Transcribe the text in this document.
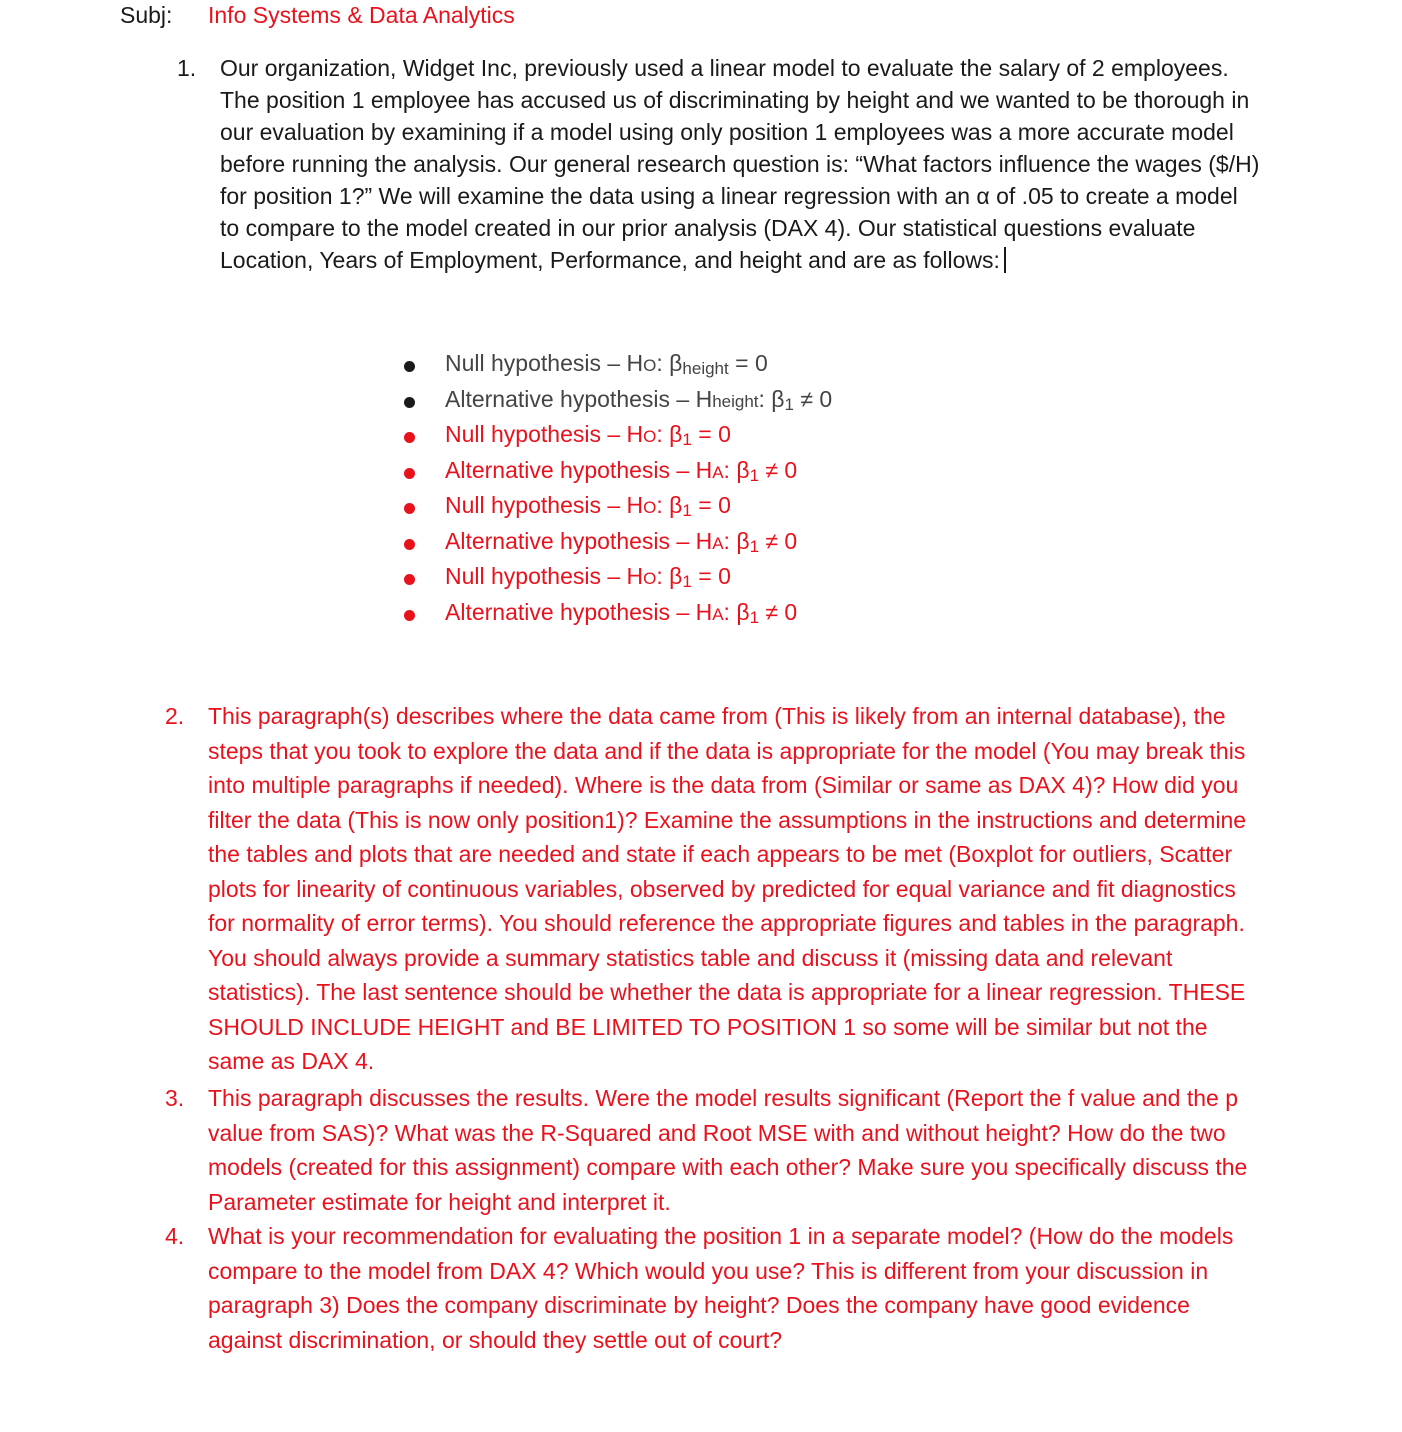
Subj: Info Systems & Data Analytics
1. Our organization, Widget Inc, previously used a linear model to evaluate the salary of 2 employees. The position 1 employee has accused us of discriminating by height and we wanted to be thorough in our evaluation by examining if a model using only position 1 employees was a more accurate model before running the analysis. Our general research question is: “What factors influence the wages ($/H) for position 1?” We will examine the data using a linear regression with an α of .05 to create a model to compare to the model created in our prior analysis (DAX 4). Our statistical questions evaluate Location, Years of Employment, Performance, and height and are as follows:
Null hypothesis – HO: $\beta_{height} = 0$
Alternative hypothesis – Hheight: $\beta_1 \ne 0$
Null hypothesis – HO: $\beta_1 = 0$
Alternative hypothesis – HA: $\beta_1 \ne 0$
Null hypothesis – HO: $\beta_1 = 0$
Alternative hypothesis – HA: $\beta_1 \ne 0$
Null hypothesis – HO: $\beta_1 = 0$
Alternative hypothesis – HA: $\beta_1 \ne 0$
2. This paragraph(s) describes where the data came from (This is likely from an internal database), the steps that you took to explore the data and if the data is appropriate for the model (You may break this into multiple paragraphs if needed). Where is the data from (Similar or same as DAX 4)? How did you filter the data (This is now only position1)? Examine the assumptions in the instructions and determine the tables and plots that are needed and state if each appears to be met (Boxplot for outliers, Scatter plots for linearity of continuous variables, observed by predicted for equal variance and fit diagnostics for normality of error terms). You should reference the appropriate figures and tables in the paragraph. You should always provide a summary statistics table and discuss it (missing data and relevant statistics). The last sentence should be whether the data is appropriate for a linear regression. THESE SHOULD INCLUDE HEIGHT and BE LIMITED TO POSITION 1 so some will be similar but not the same as DAX 4.
3. This paragraph discusses the results. Were the model results significant (Report the f value and the p value from SAS)? What was the R-Squared and Root MSE with and without height? How do the two models (created for this assignment) compare with each other? Make sure you specifically discuss the Parameter estimate for height and interpret it.
4. What is your recommendation for evaluating the position 1 in a separate model? (How do the models compare to the model from DAX 4? Which would you use? This is different from your discussion in paragraph 3) Does the company discriminate by height? Does the company have good evidence against discrimination, or should they settle out of court?
